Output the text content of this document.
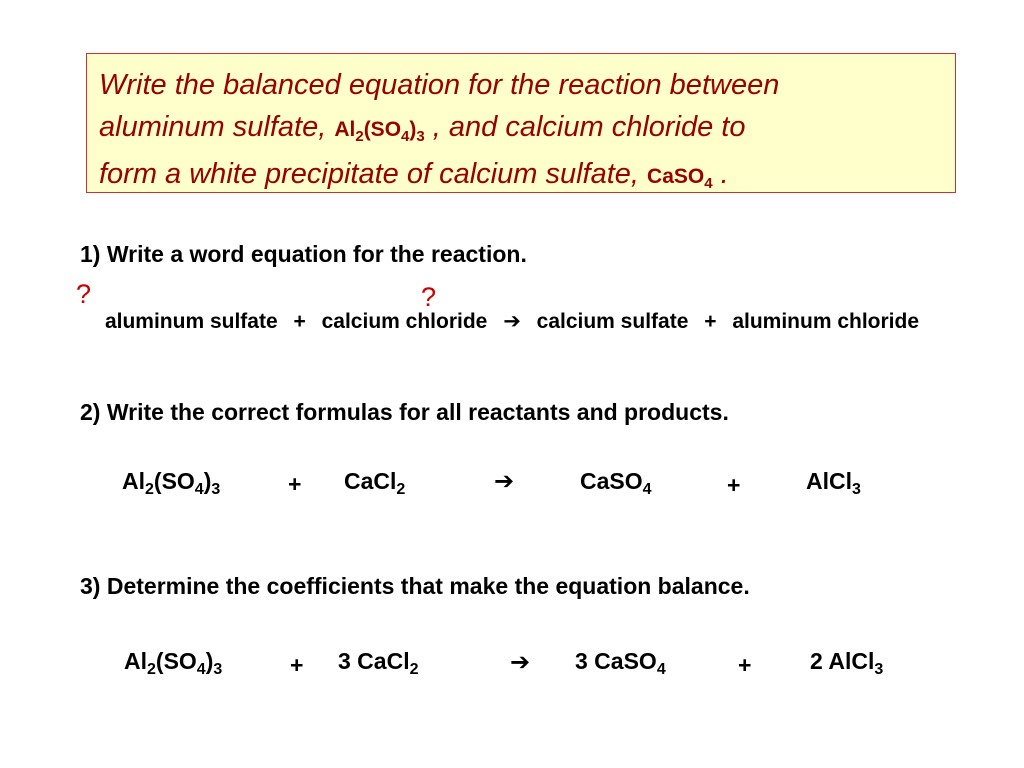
Write the balanced equation for the reaction between
aluminum sulfate, $Al_2(SO_4)_3$ , and calcium chloride to
form a white precipitate of calcium sulfate, CaSO$_4$ .
1) Write a word equation for the reaction.
?	?
aluminum sulfate + calcium chloride ➔ calcium sulfate + aluminum chloride
2) Write the correct formulas for all reactants and products.
$Al_2(SO_4)_3$	+ CaCl$_2$	➔	CaSO$_4$	+	AlCl$_3$
3) Determine the coefficients that make the equation balance.
$Al_2(SO_4)_3$	+ 3 CaCl$_2$	➔ 3 CaSO$_4$	+	2 AlCl$_3$
